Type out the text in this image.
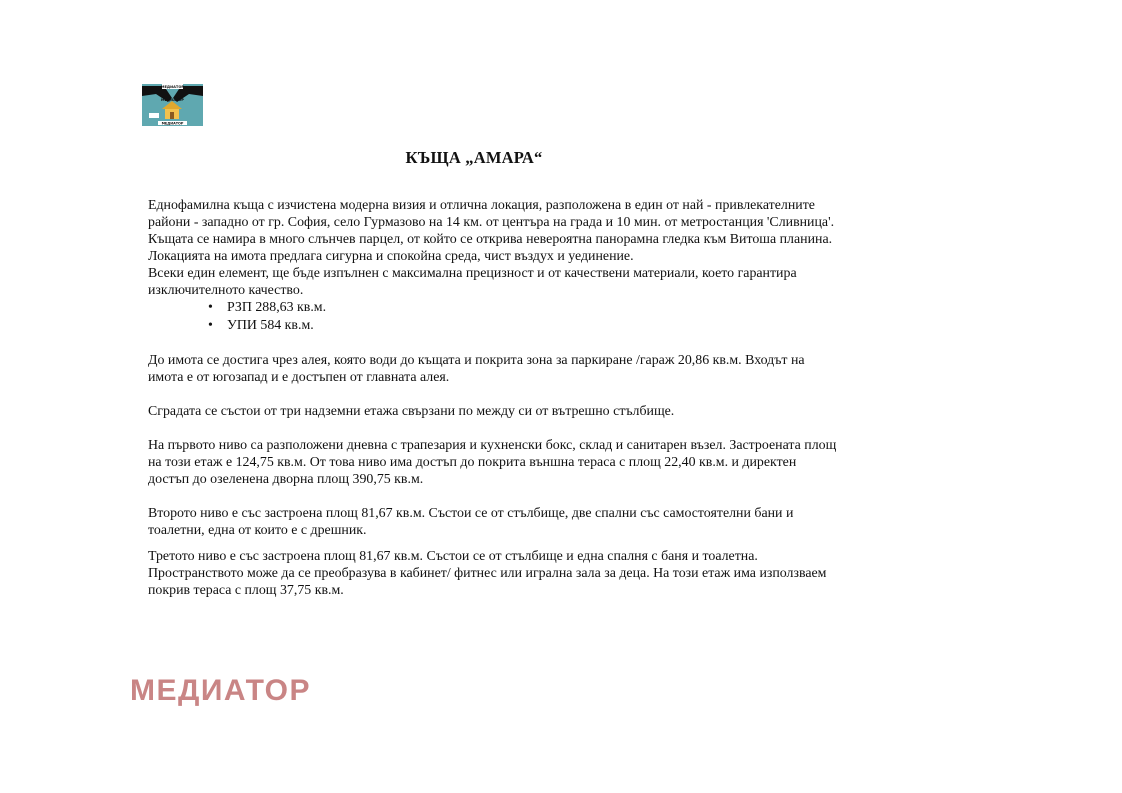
МЕДИАТОР
МЕДИАТОР
МЕДИАТОР
КЪЩА „АМАРА“

Еднофамилна къща с изчистена модерна визия и отлична локация, разположена в един от най - привлекателните райони - западно от гр. София, село Гурмазово на 14 км. от центъра на града и 10 мин. от метростанция 'Сливница'. Къщата се намира в много слънчев парцел, от който се открива невероятна панорамна гледка към Витоша планина.

Локацията на имота предлага сигурна и спокойна среда, чист въздух и уединение.

Всеки един елемент, ще бъде изпълнен с максимална прецизност и от качествени материали, което гарантира изключителното качество.

• РЗП 288,63 кв.м.
• УПИ 584 кв.м.

До имота се достига чрез алея, която води до къщата и покрита зона за паркиране /гараж 20,86 кв.м. Входът на имота е от югозапад и е достъпен от главната алея.

Сградата се състои от три надземни етажа свързани по между си от вътрешно стълбище.

На първото ниво са разположени дневна с трапезария и кухненски бокс, склад и санитарен възел. Застроената площ на този етаж е 124,75 кв.м. От това ниво има достъп до покрита външна тераса с площ 22,40 кв.м. и директен достъп до озеленена дворна площ 390,75 кв.м.

Второто ниво е със застроена площ 81,67 кв.м. Състои се от стълбище, две спални със самостоятелни бани и тоалетни, една от които е с дрешник.

Третото ниво е със застроена площ 81,67 кв.м. Състои се от стълбище и една спалня с баня и тоалетна. Пространството може да се преобразува в кабинет/ фитнес или игрална зала за деца. На този етаж има използваем покрив тераса с площ 37,75 кв.м.

МЕДИАТОР
